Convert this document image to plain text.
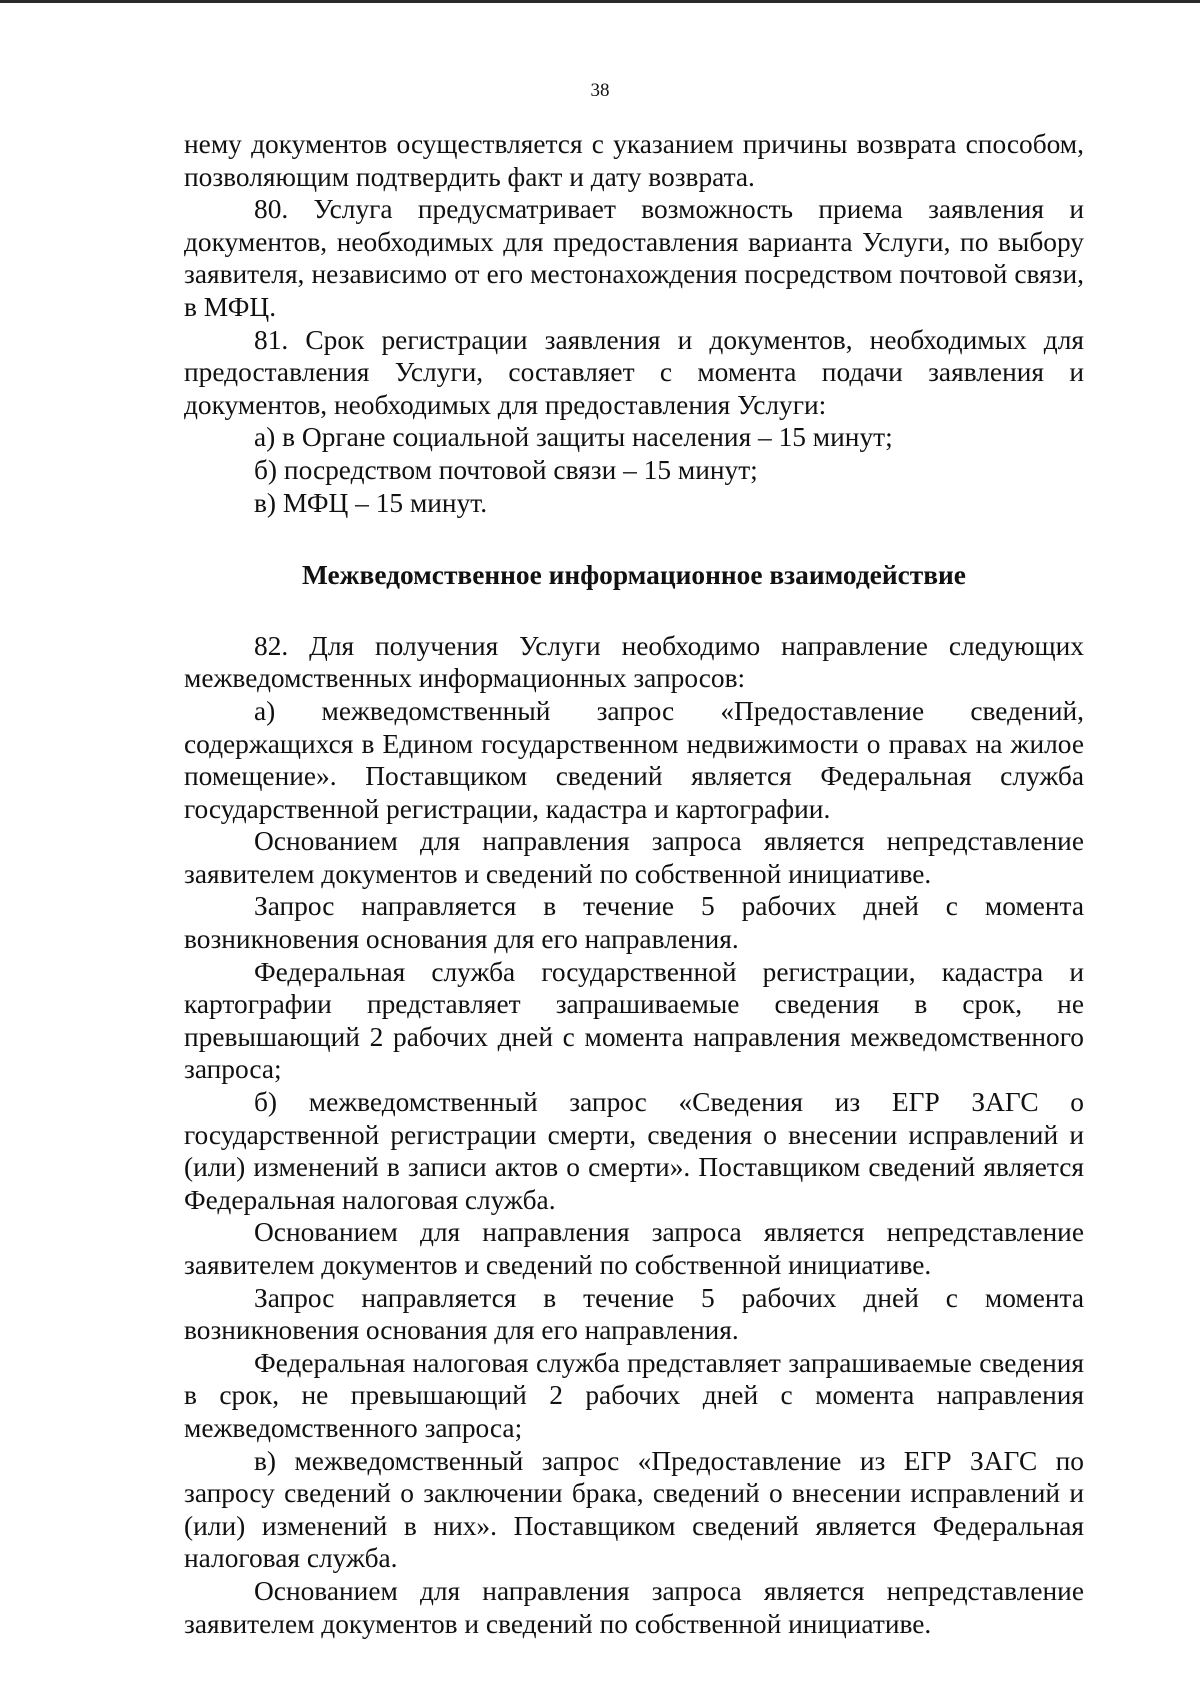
38

нему документов осуществляется с указанием причины возврата способом, позволяющим подтвердить факт и дату возврата.

80. Услуга предусматривает возможность приема заявления и документов, необходимых для предоставления варианта Услуги, по выбору заявителя, независимо от его местонахождения посредством почтовой связи, в МФЦ.

81. Срок регистрации заявления и документов, необходимых для предоставления Услуги, составляет с момента подачи заявления и документов, необходимых для предоставления Услуги:

а) в Органе социальной защиты населения – 15 минут;

б) посредством почтовой связи – 15 минут;

в) МФЦ – 15 минут.

Межведомственное информационное взаимодействие

82. Для получения Услуги необходимо направление следующих межведомственных информационных запросов:

а) межведомственный запрос «Предоставление сведений, содержащихся в Едином государственном недвижимости о правах на жилое помещение». Поставщиком сведений является Федеральная служба государственной регистрации, кадастра и картографии.

Основанием для направления запроса является непредставление заявителем документов и сведений по собственной инициативе.

Запрос направляется в течение 5 рабочих дней с момента возникновения основания для его направления.

Федеральная служба государственной регистрации, кадастра и картографии представляет запрашиваемые сведения в срок, не превышающий 2 рабочих дней с момента направления межведомственного запроса;

б) межведомственный запрос «Сведения из ЕГР ЗАГС о государственной регистрации смерти, сведения о внесении исправлений и (или) изменений в записи актов о смерти». Поставщиком сведений является Федеральная налоговая служба.

Основанием для направления запроса является непредставление заявителем документов и сведений по собственной инициативе.

Запрос направляется в течение 5 рабочих дней с момента возникновения основания для его направления.

Федеральная налоговая служба представляет запрашиваемые сведения в срок, не превышающий 2 рабочих дней с момента направления межведомственного запроса;

в) межведомственный запрос «Предоставление из ЕГР ЗАГС по запросу сведений о заключении брака, сведений о внесении исправлений и (или) изменений в них». Поставщиком сведений является Федеральная налоговая служба.

Основанием для направления запроса является непредставление заявителем документов и сведений по собственной инициативе.
